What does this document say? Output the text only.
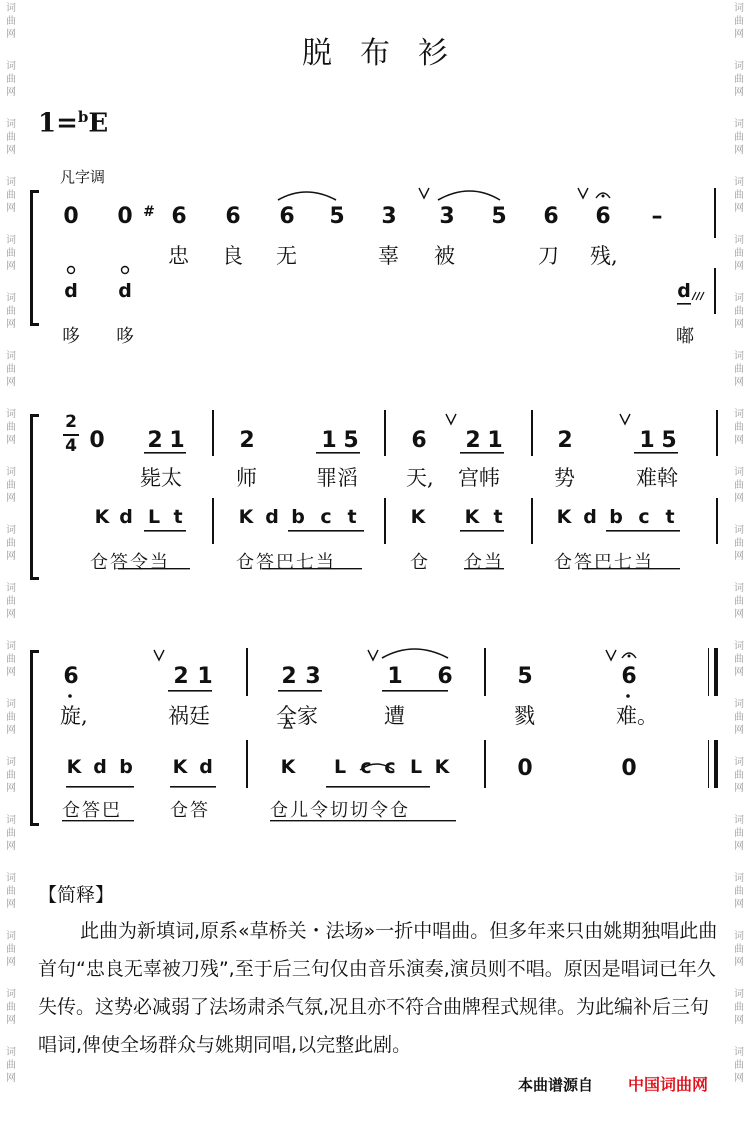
词
曲
网
词
曲
网
词
曲
网
词
曲
网
词
曲
网
词
曲
网
词
曲
网
词
曲
网
词
曲
网
词
曲
网
词
曲
网
词
曲
网
词
曲
网
词
曲
网
词
曲
网
词
曲
网
词
曲
网
词
曲
网
词
曲
网
词
曲
网
词
曲
网
词
曲
网
词
曲
网
词
曲
网
词
曲
网
词
曲
网
词
曲
网
词
曲
网
词
曲
网
词
曲
网
词
曲
网
词
曲
网
词
曲
网
词
曲
网
词
曲
网
词
曲
网
词
曲
网
词
曲
网
脱布衫
1=$^b$E
凡字调
0 0 # 6 6 6 5 3 3 5 6 6 –
忠 良 无	辜 被	刀 残,
d d	d
哆 哆	嘟
2
4 0 2 1 2	1 5 6 2 1 2	1 5
毙太	师	罪滔 天, 宫帏	势	难斡
K d L t	K d b c t	K K t	K d b c t
仓答令当	仓答巴七当	仓 仓当	仓答巴七当
6	2 1	2 3	1 6	5	6
旋,	祸廷	全家	遭	戮	难。
K d b K d	K L c c L K	0	0
仓答巴	仓答	仓儿令切切令仓
【简释】
此曲为新填词,原系«草桥关・法场»一折中唱曲。但多年来只由姚期独唱此曲首句“忠良无辜被刀残”,至于后三句仅由音乐演奏,演员则不唱。原因是唱词已年久失传。这势必减弱了法场肃杀气氛,况且亦不符合曲牌程式规律。为此编补后三句唱词,俾使全场群众与姚期同唱,以完整此剧。
本曲谱源自 中国词曲网
